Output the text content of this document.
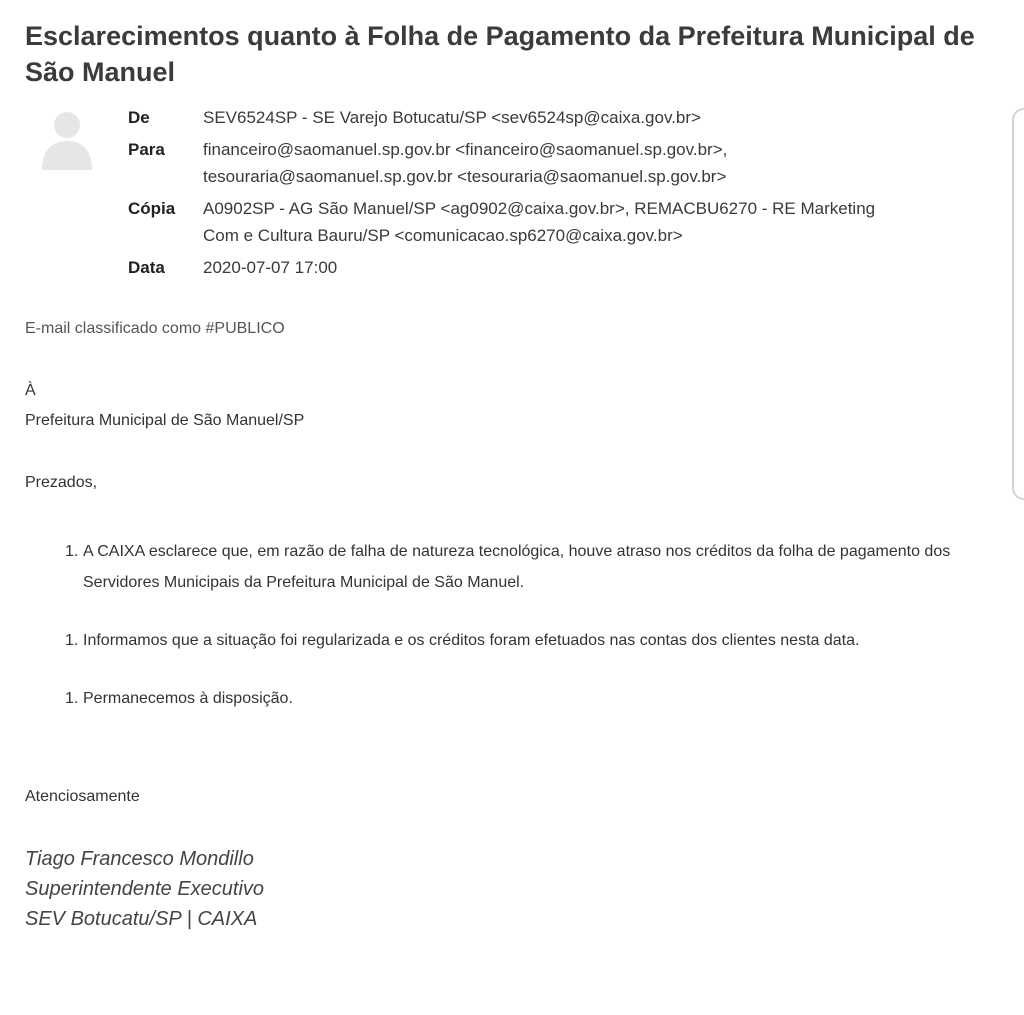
Esclarecimentos quanto à Folha de Pagamento da Prefeitura Municipal de São Manuel
De	SEV6524SP - SE Varejo Botucatu/SP <sev6524sp@caixa.gov.br>
Para	financeiro@saomanuel.sp.gov.br <financeiro@saomanuel.sp.gov.br>,
tesouraria@saomanuel.sp.gov.br <tesouraria@saomanuel.sp.gov.br>
Cópia	A0902SP - AG São Manuel/SP <ag0902@caixa.gov.br>, REMACBU6270 - RE Marketing
Com e Cultura Bauru/SP <comunicacao.sp6270@caixa.gov.br>
Data	2020-07-07 17:00
E-mail classificado como #PUBLICO

À

Prefeitura Municipal de São Manuel/SP

Prezados,

1. A CAIXA esclarece que, em razão de falha de natureza tecnológica, houve atraso nos créditos da folha de pagamento dos Servidores Municipais da Prefeitura Municipal de São Manuel.
1. Informamos que a situação foi regularizada e os créditos foram efetuados nas contas dos clientes nesta data.
1. Permanecemos à disposição.

Atenciosamente

Tiago Francesco Mondillo
Superintendente Executivo
SEV Botucatu/SP | CAIXA
